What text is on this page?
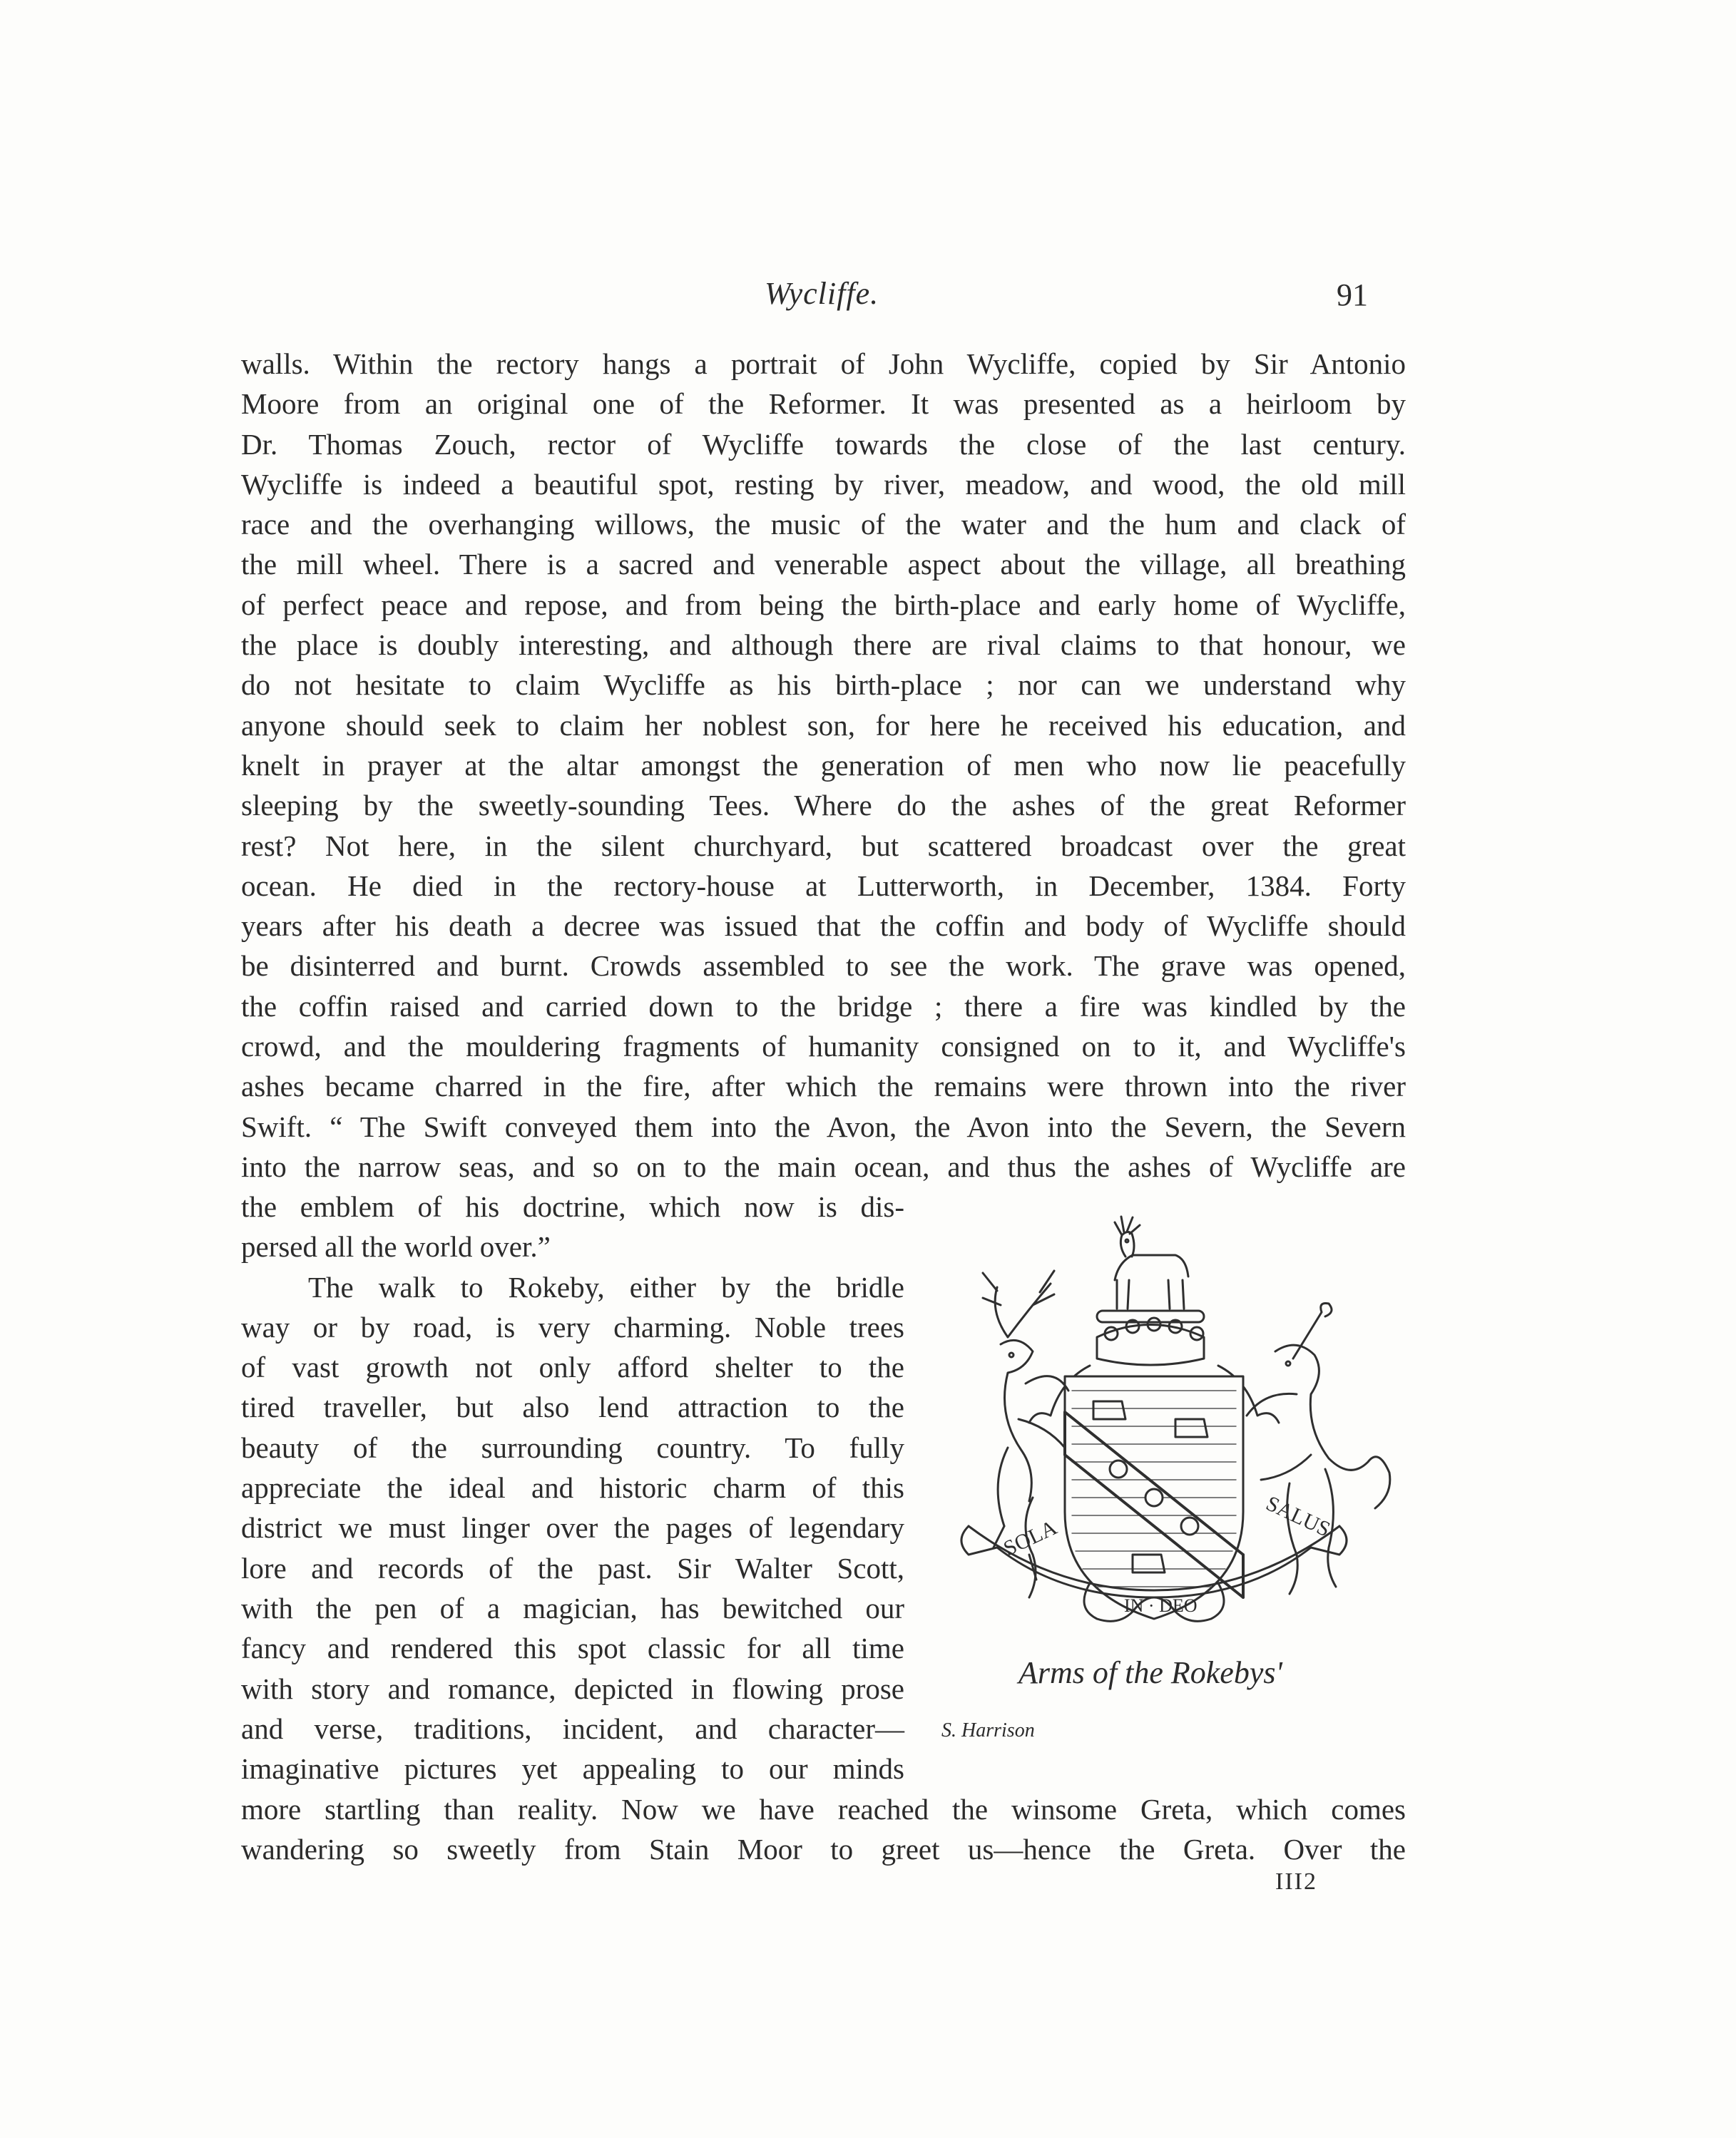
Wycliffe.	91
walls. Within the rectory hangs a portrait of John Wycliffe, copied by Sir Antonio
Moore from an original one of the Reformer. It was presented as a heirloom by
Dr. Thomas Zouch, rector of Wycliffe towards the close of the last century.
Wycliffe is indeed a beautiful spot, resting by river, meadow, and wood, the old mill
race and the overhanging willows, the music of the water and the hum and clack of
the mill wheel. There is a sacred and venerable aspect about the village, all breathing
of perfect peace and repose, and from being the birth-place and early home of Wycliffe,
the place is doubly interesting, and although there are rival claims to that honour, we
do not hesitate to claim Wycliffe as his birth-place ; nor can we understand why
anyone should seek to claim her noblest son, for here he received his education, and
knelt in prayer at the altar amongst the generation of men who now lie peacefully
sleeping by the sweetly-sounding Tees. Where do the ashes of the great Reformer
rest? Not here, in the silent churchyard, but scattered broadcast over the great
ocean. He died in the rectory-house at Lutterworth, in December, 1384. Forty
years after his death a decree was issued that the coffin and body of Wycliffe should
be disinterred and burnt. Crowds assembled to see the work. The grave was opened,
the coffin raised and carried down to the bridge ; there a fire was kindled by the
crowd, and the mouldering fragments of humanity consigned on to it, and Wycliffe's
ashes became charred in the fire, after which the remains were thrown into the river
Swift. “ The Swift conveyed them into the Avon, the Avon into the Severn, the Severn
into the narrow seas, and so on to the main ocean, and thus the ashes of Wycliffe are
the emblem of his doctrine, which now is dis-
persed all the world over.”
The walk to Rokeby, either by the bridle
way or by road, is very charming. Noble trees
of vast growth not only afford shelter to the
tired traveller, but also lend attraction to the
beauty of the surrounding country. To fully
appreciate the ideal and historic charm of this
district we must linger over the pages of legendary
lore and records of the past. Sir Walter Scott,
with the pen of a magician, has bewitched our
fancy and rendered this spot classic for all time
with story and romance, depicted in flowing prose
and verse, traditions, incident, and character—
imaginative pictures yet appealing to our minds
more startling than reality. Now we have reached the winsome Greta, which comes
wandering so sweetly from Stain Moor to greet us—hence the Greta. Over the
SOLA
IN · DEO
SALUS
Arms of the Rokebys'
S. Harrison
III2
